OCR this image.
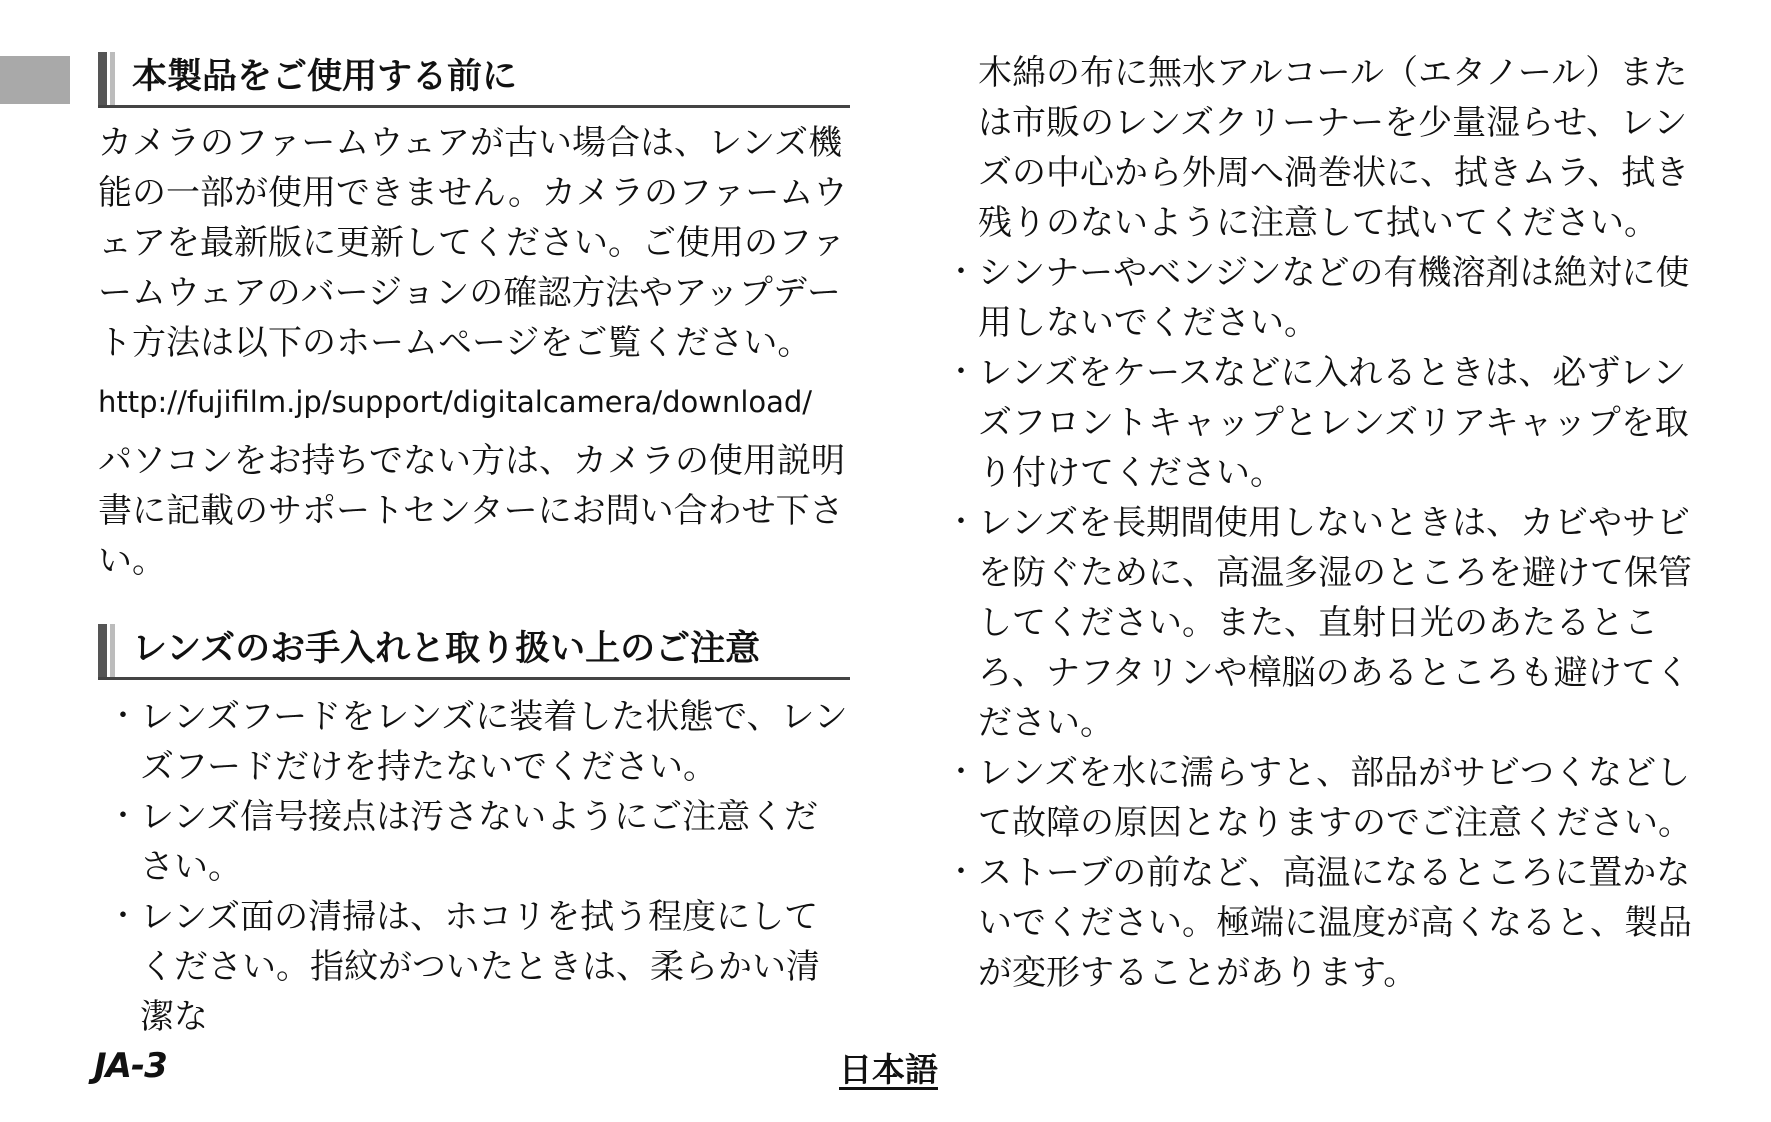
本製品をご使用する前に

カメラのファームウェアが古い場合は、レンズ機能の一部が使用できません。カメラのファームウェアを最新版に更新してください。ご使用のファームウェアのバージョンの確認方法やアップデート方法は以下のホームページをご覧ください。

http://fujifilm.jp/support/digitalcamera/download/

パソコンをお持ちでない方は、カメラの使用説明書に記載のサポートセンターにお問い合わせ下さい。

レンズのお手入れと取り扱い上のご注意
・ レンズフードをレンズに装着した状態で、レンズフードだけを持たないでください。
・ レンズ信号接点は汚さないようにご注意ください。
・ レンズ面の清掃は、ホコリを拭う程度にしてください。指紋がついたときは、柔らかい清潔な

木綿の布に無水アルコール（エタノール）または市販のレンズクリーナーを少量湿らせ、レンズの中心から外周へ渦巻状に、拭きムラ、拭き残りのないように注意して拭いてください。

・ シンナーやベンジンなどの有機溶剤は絶対に使用しないでください。
・ レンズをケースなどに入れるときは、必ずレンズフロントキャップとレンズリアキャップを取り付けてください。
・ レンズを長期間使用しないときは、カビやサビを防ぐために、高温多湿のところを避けて保管してください。また、直射日光のあたるところ、ナフタリンや樟脳のあるところも避けてください。
・ レンズを水に濡らすと、部品がサビつくなどして故障の原因となりますのでご注意ください。
・ ストーブの前など、高温になるところに置かないでください。極端に温度が高くなると、製品が変形することがあります。
JA-3	日本語
